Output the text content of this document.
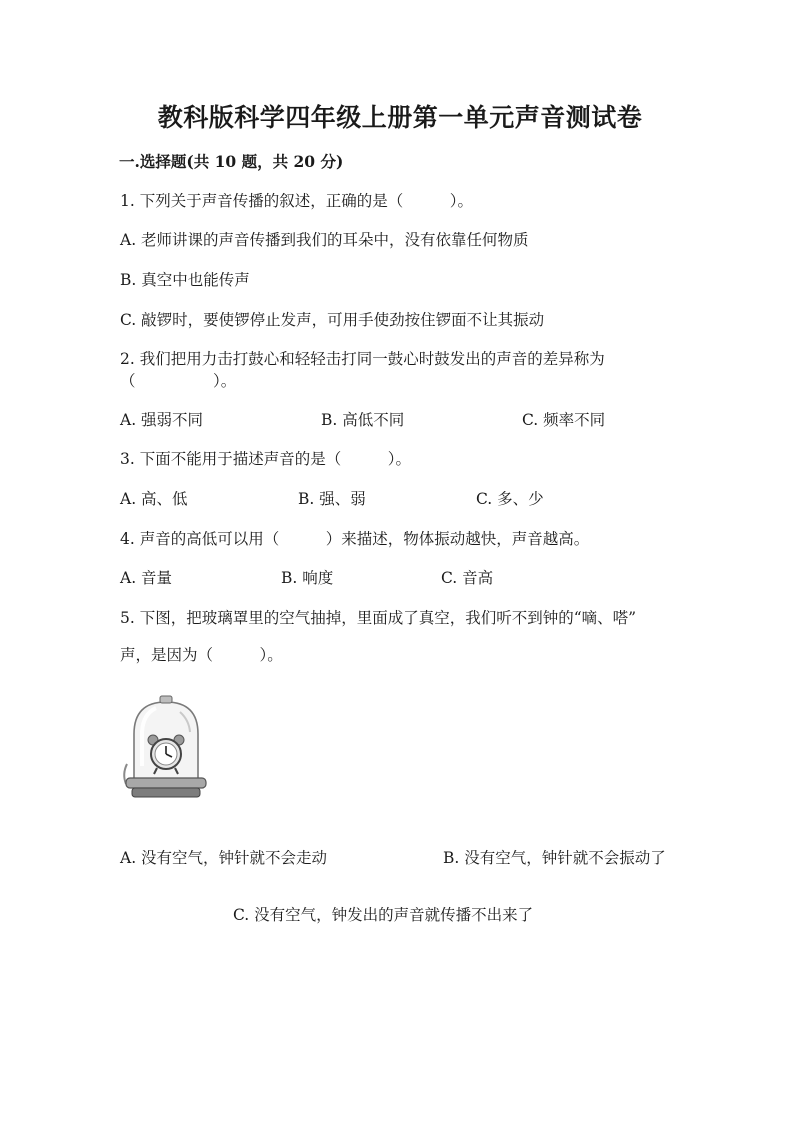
教科版科学四年级上册第一单元声音测试卷
一.选择题(共 10 题，共 20 分)
1. 下列关于声音传播的叙述，正确的是（　　　）。
A. 老师讲课的声音传播到我们的耳朵中，没有依靠任何物质
B. 真空中也能传声
C. 敲锣时，要使锣停止发声，可用手使劲按住锣面不让其振动
2. 我们把用力击打鼓心和轻轻击打同一鼓心时鼓发出的声音的差异称为
（　　　　　）。
A. 强弱不同	B. 高低不同	C. 频率不同
3. 下面不能用于描述声音的是（　　　）。
A. 高、低	B. 强、弱	C. 多、少
4. 声音的高低可以用（　　　）来描述，物体振动越快，声音越高。
A. 音量	B. 响度	C. 音高
5. 下图，把玻璃罩里的空气抽掉，里面成了真空，我们听不到钟的“嘀、嗒”
声，是因为（　　　）。
A. 没有空气，钟针就不会走动	B. 没有空气，钟针就不会振动了
C. 没有空气，钟发出的声音就传播不出来了
